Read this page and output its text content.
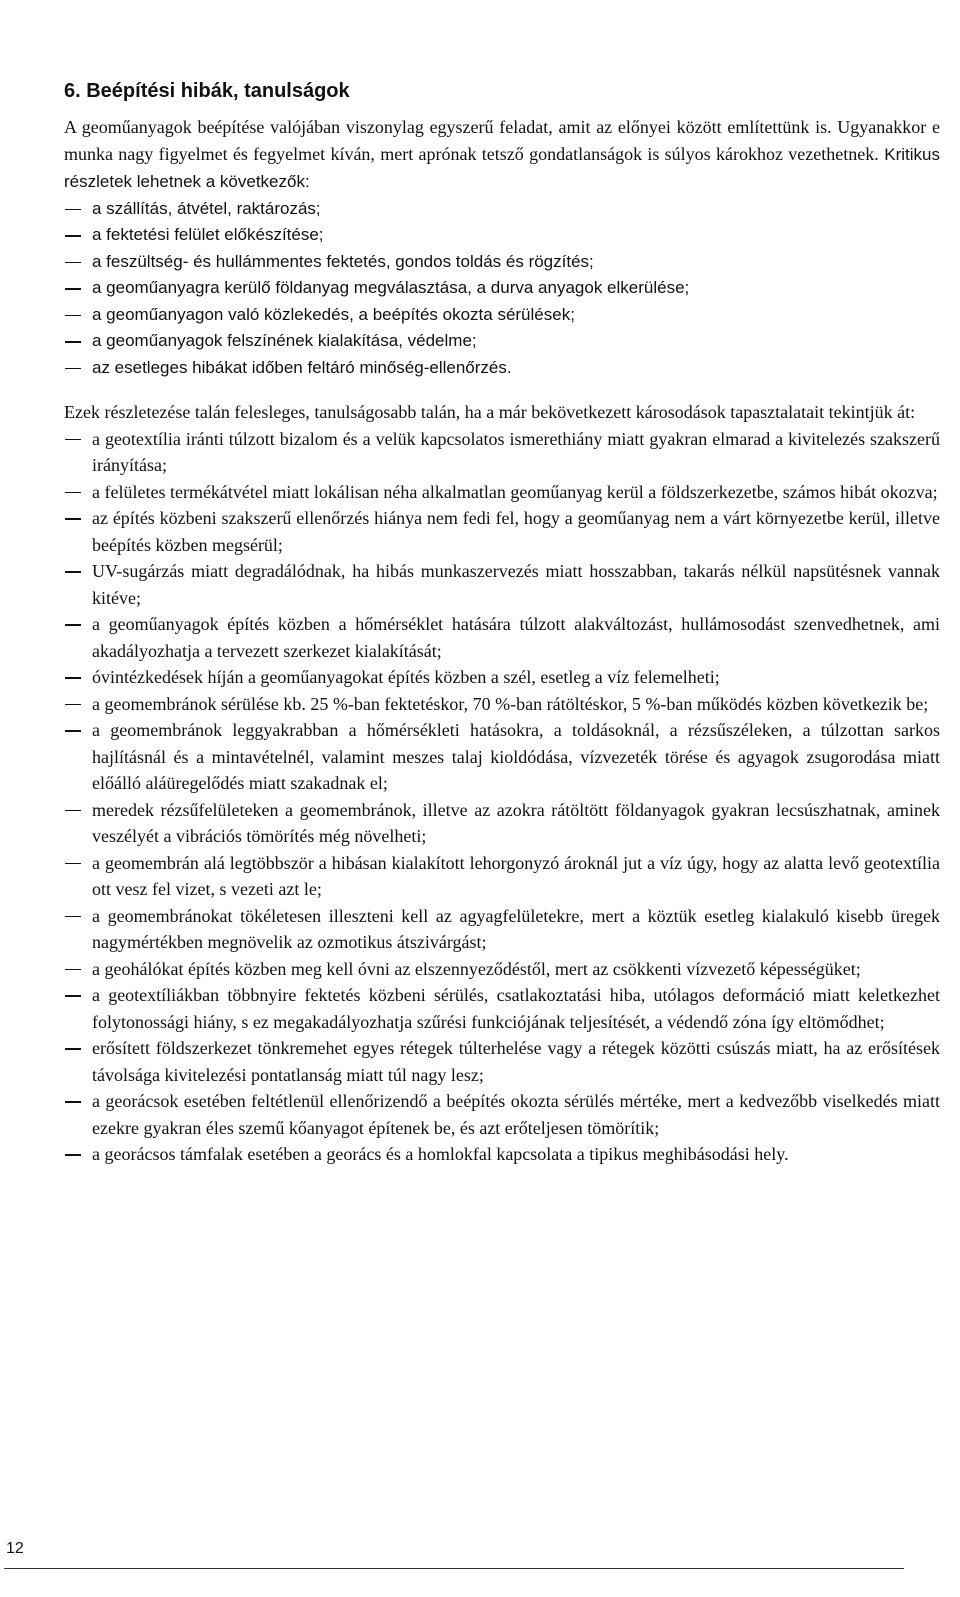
6. Beépítési hibák, tanulságok

A geoműanyagok beépítése valójában viszonylag egyszerű feladat, amit az előnyei között említettünk is. Ugyanakkor e munka nagy figyelmet és fegyelmet kíván, mert aprónak tetsző gondatlanságok is súlyos károkhoz vezethetnek. Kritikus részletek lehetnek a következők:

a szállítás, átvétel, raktározás;
a fektetési felület előkészítése;
a feszültség- és hullámmentes fektetés, gondos toldás és rögzítés;
a geoműanyagra kerülő földanyag megválasztása, a durva anyagok elkerülése;
a geoműanyagon való közlekedés, a beépítés okozta sérülések;
a geoműanyagok felszínének kialakítása, védelme;
az esetleges hibákat időben feltáró minőség-ellenőrzés.

Ezek részletezése talán felesleges, tanulságosabb talán, ha a már bekövetkezett károsodások tapasztalatait tekintjük át:

a geotextília iránti túlzott bizalom és a velük kapcsolatos ismerethiány miatt gyakran elmarad a kivitelezés szakszerű irányítása;
a felületes termékátvétel miatt lokálisan néha alkalmatlan geoműanyag kerül a földszerkezetbe, számos hibát okozva;
az építés közbeni szakszerű ellenőrzés hiánya nem fedi fel, hogy a geoműanyag nem a várt környezetbe kerül, illetve beépítés közben megsérül;
UV-sugárzás miatt degradálódnak, ha hibás munkaszervezés miatt hosszabban, takarás nélkül napsütésnek vannak kitéve;
a geoműanyagok építés közben a hőmérséklet hatására túlzott alakváltozást, hullámosodást szenvedhetnek, ami akadályozhatja a tervezett szerkezet kialakítását;
óvintézkedések híján a geoműanyagokat építés közben a szél, esetleg a víz felemelheti;
a geomembránok sérülése kb. 25 %-ban fektetéskor, 70 %-ban rátöltéskor, 5 %-ban működés közben következik be;
a geomembránok leggyakrabban a hőmérsékleti hatásokra, a toldásoknál, a rézsűszéleken, a túlzottan sarkos hajlításnál és a mintavételnél, valamint meszes talaj kioldódása, vízvezeték törése és agyagok zsugorodása miatt előálló aláüregelődés miatt szakadnak el;
meredek rézsűfelületeken a geomembránok, illetve az azokra rátöltött földanyagok gyakran lecsúszhatnak, aminek veszélyét a vibrációs tömörítés még növelheti;
a geomembrán alá legtöbbször a hibásan kialakított lehorgonyzó ároknál jut a víz úgy, hogy az alatta levő geotextília ott vesz fel vizet, s vezeti azt le;
a geomembránokat tökéletesen illeszteni kell az agyagfelületekre, mert a köztük esetleg kialakuló kisebb üregek nagymértékben megnövelik az ozmotikus átszivárgást;
a geohálókat építés közben meg kell óvni az elszennyeződéstől, mert az csökkenti vízvezető képességüket;
a geotextíliákban többnyire fektetés közbeni sérülés, csatlakoztatási hiba, utólagos deformáció miatt keletkezhet folytonossági hiány, s ez megakadályozhatja szűrési funkciójának teljesítését, a védendő zóna így eltömődhet;
erősített földszerkezet tönkremehet egyes rétegek túlterhelése vagy a rétegek közötti csúszás miatt, ha az erősítések távolsága kivitelezési pontatlanság miatt túl nagy lesz;
a georácsok esetében feltétlenül ellenőrizendő a beépítés okozta sérülés mértéke, mert a kedvezőbb viselkedés miatt ezekre gyakran éles szemű kőanyagot építenek be, és azt erőteljesen tömörítik;
a georácsos támfalak esetében a georács és a homlokfal kapcsolata a tipikus meghibásodási hely.
12
